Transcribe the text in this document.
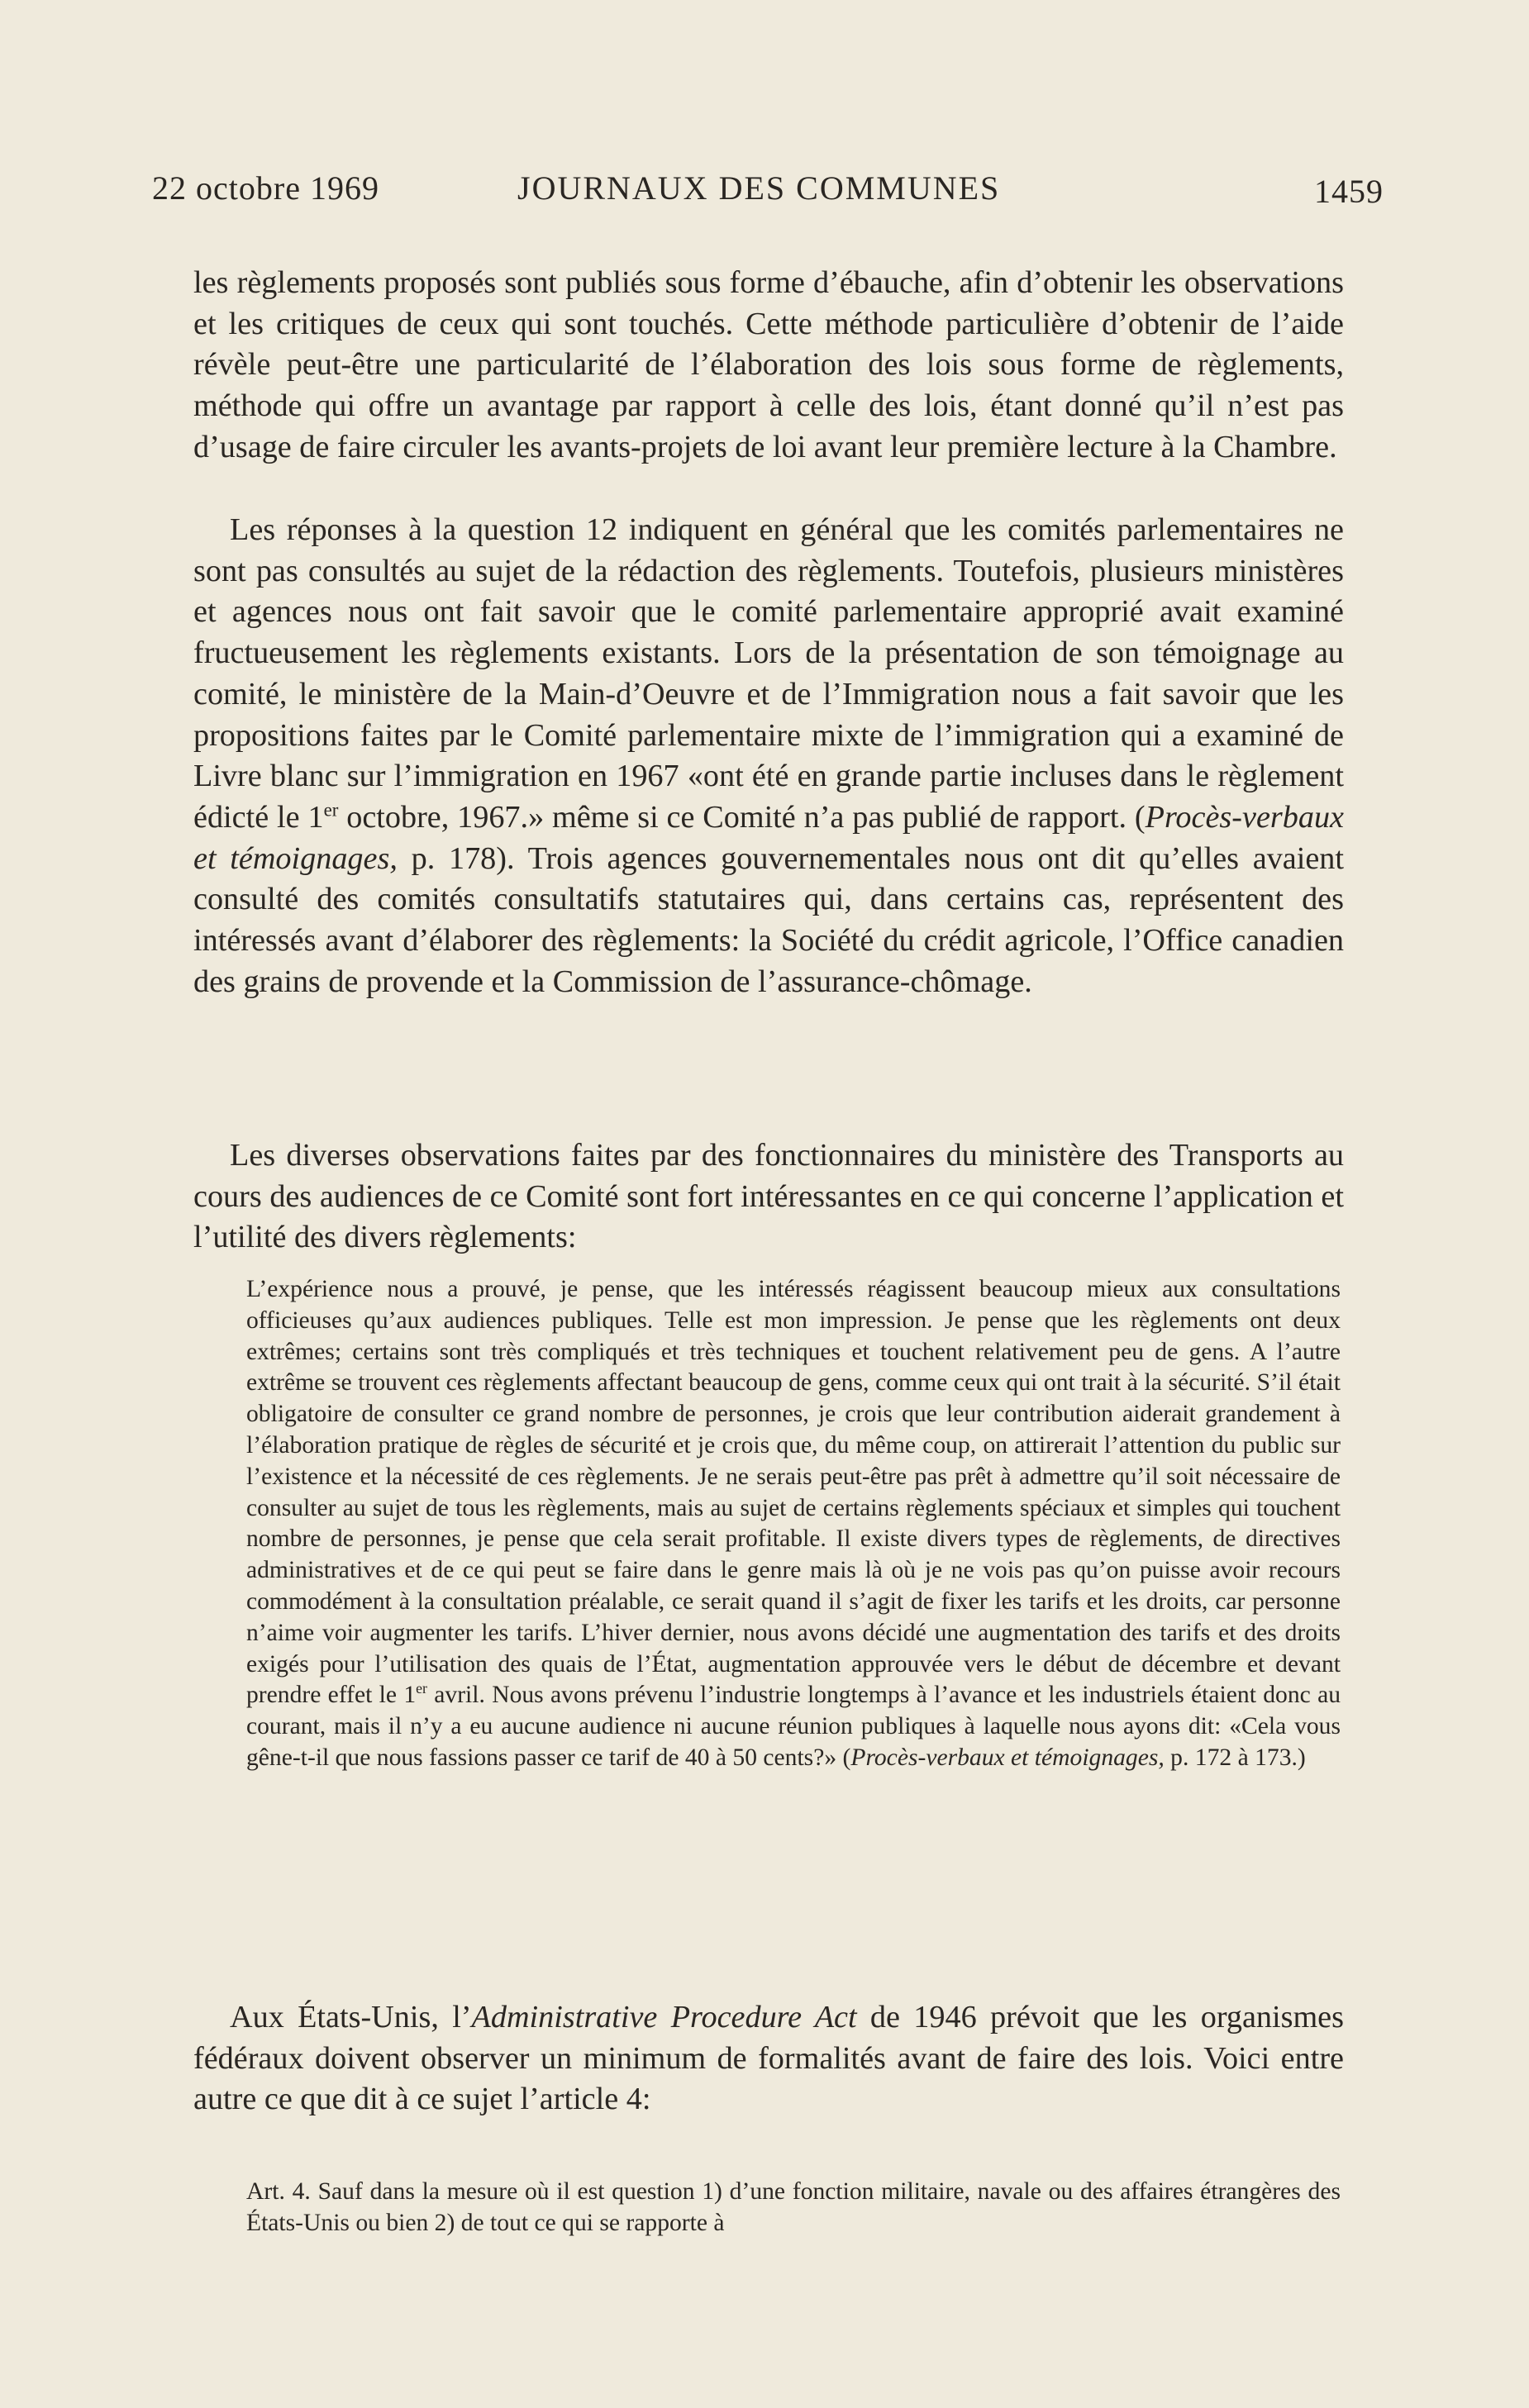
22 octobre 1969	JOURNAUX DES COMMUNES	1459

les règlements proposés sont publiés sous forme d’ébauche, afin d’obtenir les observations et les critiques de ceux qui sont touchés. Cette méthode particulière d’obtenir de l’aide révèle peut-être une particularité de l’élaboration des lois sous forme de règlements, méthode qui offre un avantage par rapport à celle des lois, étant donné qu’il n’est pas d’usage de faire circuler les avants-projets de loi avant leur première lecture à la Chambre.

Les réponses à la question 12 indiquent en général que les comités parlementaires ne sont pas consultés au sujet de la rédaction des règlements. Toutefois, plusieurs ministères et agences nous ont fait savoir que le comité parlementaire approprié avait examiné fructueusement les règlements existants. Lors de la présentation de son témoignage au comité, le ministère de la Main-d’Oeuvre et de l’Immigration nous a fait savoir que les propositions faites par le Comité parlementaire mixte de l’immigration qui a examiné de Livre blanc sur l’immigration en 1967 «ont été en grande partie incluses dans le règlement édicté le 1er octobre, 1967.» même si ce Comité n’a pas publié de rapport. (Procès-verbaux et témoignages, p. 178). Trois agences gouvernementales nous ont dit qu’elles avaient consulté des comités consultatifs statutaires qui, dans certains cas, représentent des intéressés avant d’élaborer des règlements: la Société du crédit agricole, l’Office canadien des grains de provende et la Commission de l’assurance-chômage.

Les diverses observations faites par des fonctionnaires du ministère des Transports au cours des audiences de ce Comité sont fort intéressantes en ce qui concerne l’application et l’utilité des divers règlements:

L’expérience nous a prouvé, je pense, que les intéressés réagissent beaucoup mieux aux consultations officieuses qu’aux audiences publiques. Telle est mon impression. Je pense que les règlements ont deux extrêmes; certains sont très compliqués et très techniques et touchent relativement peu de gens. A l’autre extrême se trouvent ces règlements affectant beaucoup de gens, comme ceux qui ont trait à la sécurité. S’il était obligatoire de consulter ce grand nombre de personnes, je crois que leur contribution aiderait grandement à l’élaboration pratique de règles de sécurité et je crois que, du même coup, on attirerait l’attention du public sur l’existence et la nécessité de ces règlements. Je ne serais peut-être pas prêt à admettre qu’il soit nécessaire de consulter au sujet de tous les règlements, mais au sujet de certains règlements spéciaux et simples qui touchent nombre de personnes, je pense que cela serait profitable. Il existe divers types de règlements, de directives administratives et de ce qui peut se faire dans le genre mais là où je ne vois pas qu’on puisse avoir recours commodément à la consultation préalable, ce serait quand il s’agit de fixer les tarifs et les droits, car personne n’aime voir augmenter les tarifs. L’hiver dernier, nous avons décidé une augmentation des tarifs et des droits exigés pour l’utilisation des quais de l’État, augmentation approuvée vers le début de décembre et devant prendre effet le 1er avril. Nous avons prévenu l’industrie longtemps à l’avance et les industriels étaient donc au courant, mais il n’y a eu aucune audience ni aucune réunion publiques à laquelle nous ayons dit: «Cela vous gêne-t-il que nous fassions passer ce tarif de 40 à 50 cents?» (Procès-verbaux et témoignages, p. 172 à 173.)

Aux États-Unis, l’Administrative Procedure Act de 1946 prévoit que les organismes fédéraux doivent observer un minimum de formalités avant de faire des lois. Voici entre autre ce que dit à ce sujet l’article 4:

Art. 4. Sauf dans la mesure où il est question 1) d’une fonction militaire, navale ou des affaires étrangères des États-Unis ou bien 2) de tout ce qui se rapporte à
